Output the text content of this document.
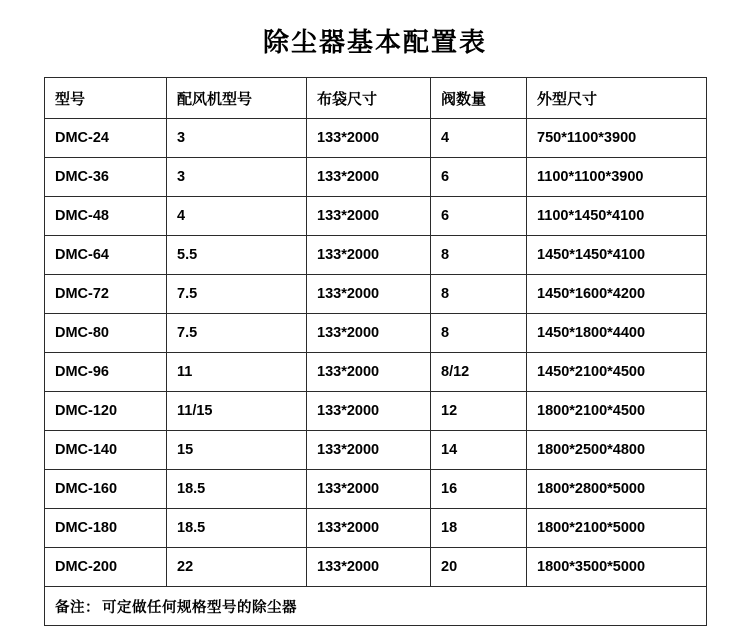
除尘器基本配置表
型号	配风机型号	布袋尺寸	阀数量	外型尺寸
DMC-24	3	133*2000	4	750*1100*3900
DMC-36	3	133*2000	6	1100*1100*3900
DMC-48	4	133*2000	6	1100*1450*4100
DMC-64	5.5	133*2000	8	1450*1450*4100
DMC-72	7.5	133*2000	8	1450*1600*4200
DMC-80	7.5	133*2000	8	1450*1800*4400
DMC-96	11	133*2000	8/12	1450*2100*4500
DMC-120	11/15	133*2000	12	1800*2100*4500
DMC-140	15	133*2000	14	1800*2500*4800
DMC-160	18.5	133*2000	16	1800*2800*5000
DMC-180	18.5	133*2000	18	1800*2100*5000
DMC-200	22	133*2000	20	1800*3500*5000
备注： 可定做任何规格型号的除尘器				
